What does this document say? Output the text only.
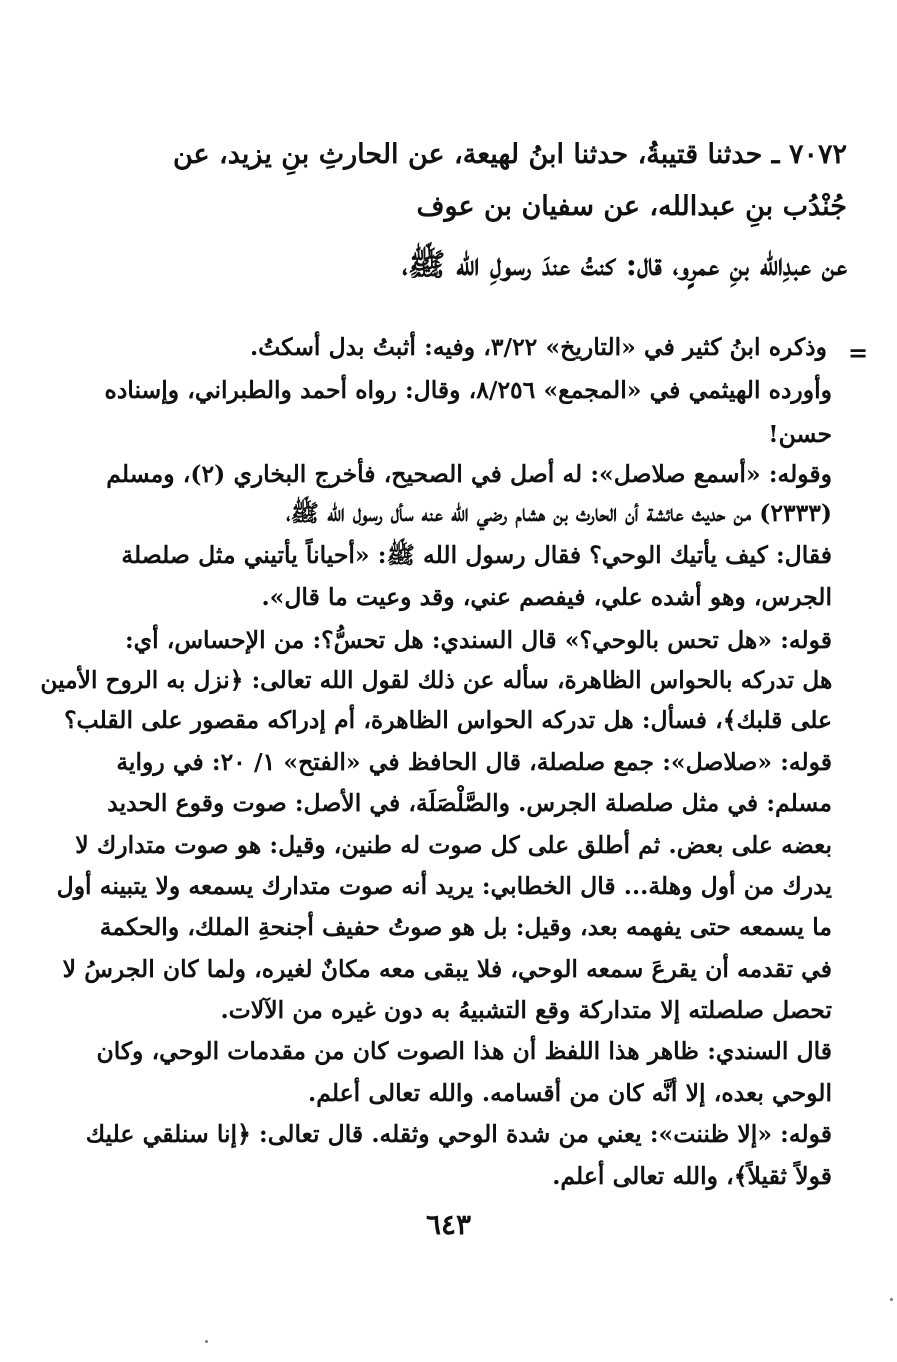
٧٠٧٢ ـ حدثنا قتيبةُ، حدثنا ابنُ لهيعة، عن الحارثِ بنِ يزيد، عن
جُنْدُب بنِ عبدالله، عن سفيان بن عوف
عن عبدِالله بنِ عمرٍو، قال: كنتُ عندَ رسولِ الله ﷺ،
=
وذكره ابنُ كثير في «التاريخ» ٣/٢٢، وفيه: أثبتُ بدل أسكتُ.
وأورده الهيثمي في «المجمع» ٨/٢٥٦، وقال: رواه أحمد والطبراني، وإسناده
حسن!
وقوله: «أسمع صلاصل»: له أصل في الصحيح، فأخرج البخاري (٢)، ومسلم
(٢٣٣٣) من حديث عائشة أن الحارث بن هشام رضي الله عنه سأل رسول الله ﷺ،
فقال: كيف يأتيك الوحي؟ فقال رسول الله ﷺ: «أحياناً يأتيني مثل صلصلة
الجرس، وهو أشده علي، فيفصم عني، وقد وعيت ما قال».
قوله: «هل تحس بالوحي؟» قال السندي: هل تحسُّ؟: من الإحساس، أي:
هل تدركه بالحواس الظاهرة، سأله عن ذلك لقول الله تعالى: ﴿نزل به الروح الأمين
على قلبك﴾، فسأل: هل تدركه الحواس الظاهرة، أم إدراكه مقصور على القلب؟
قوله: «صلاصل»: جمع صلصلة، قال الحافظ في «الفتح» ١/ ٢٠: في رواية
مسلم: في مثل صلصلة الجرس. والصَّلْصَلَة، في الأصل: صوت وقوع الحديد
بعضه على بعض. ثم أطلق على كل صوت له طنين، وقيل: هو صوت متدارك لا
يدرك من أول وهلة... قال الخطابي: يريد أنه صوت متدارك يسمعه ولا يتبينه أول
ما يسمعه حتى يفهمه بعد، وقيل: بل هو صوتُ حفيف أجنحةِ الملك، والحكمة
في تقدمه أن يقرعَ سمعه الوحي، فلا يبقى معه مكانٌ لغيره، ولما كان الجرسُ لا
تحصل صلصلته إلا متداركة وقع التشبيهُ به دون غيره من الآلات.
قال السندي: ظاهر هذا اللفظ أن هذا الصوت كان من مقدمات الوحي، وكان
الوحي بعده، إلا أنَّه كان من أقسامه. والله تعالى أعلم.
قوله: «إلا ظننت»: يعني من شدة الوحي وثقله. قال تعالى: ﴿إنا سنلقي عليك
قولاً ثقيلاً﴾، والله تعالى أعلم.
٦٤٣
